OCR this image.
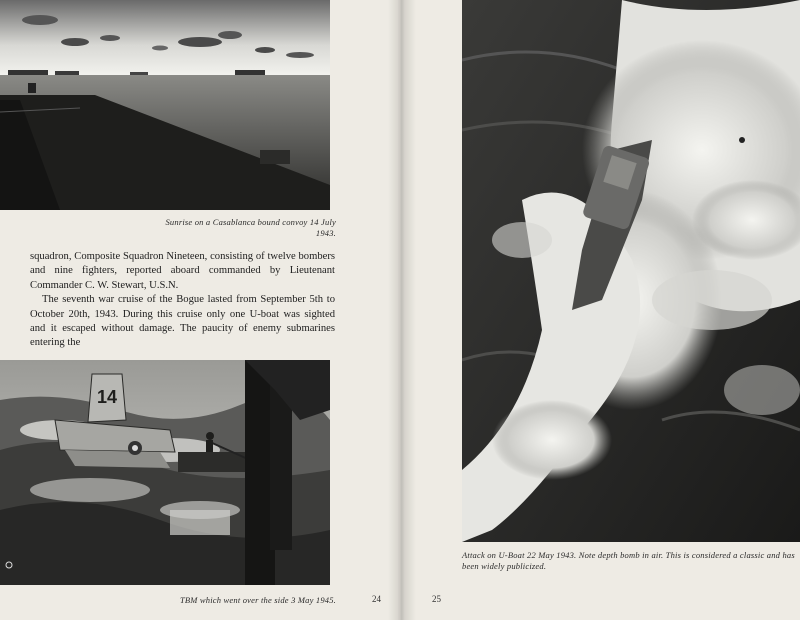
Sunrise on a Casablanca bound convoy 14 July 1943.

squadron, Composite Squadron Nineteen, consisting of twelve bombers and nine fighters, reported aboard commanded by Lieutenant Commander C. W. Stewart, U.S.N.

The seventh war cruise of the Bogue lasted from September 5th to October 20th, 1943. During this cruise only one U-boat was sighted and it escaped without damage. The paucity of enemy submarines entering the

14
TBM which went over the side 3 May 1945.	24
Attack on U-Boat 22 May 1943. Note depth bomb in air. This is considered a classic and has been widely publicized.
25
